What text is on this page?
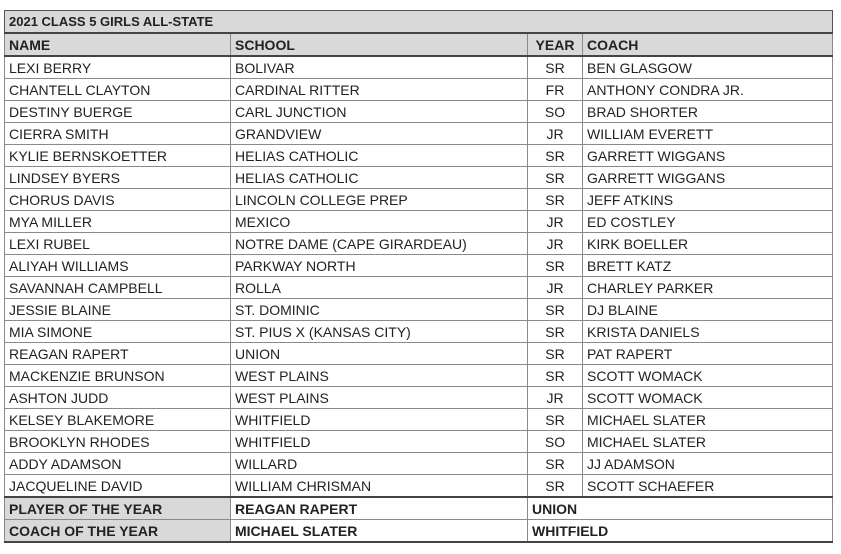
2021 CLASS 5 GIRLS ALL-STATE			
NAME	SCHOOL	YEAR	COACH
LEXI BERRY	BOLIVAR	SR	BEN GLASGOW
CHANTELL CLAYTON	CARDINAL RITTER	FR	ANTHONY CONDRA JR.
DESTINY BUERGE	CARL JUNCTION	SO	BRAD SHORTER
CIERRA SMITH	GRANDVIEW	JR	WILLIAM EVERETT
KYLIE BERNSKOETTER	HELIAS CATHOLIC	SR	GARRETT WIGGANS
LINDSEY BYERS	HELIAS CATHOLIC	SR	GARRETT WIGGANS
CHORUS DAVIS	LINCOLN COLLEGE PREP	SR	JEFF ATKINS
MYA MILLER	MEXICO	JR	ED COSTLEY
LEXI RUBEL	NOTRE DAME (CAPE GIRARDEAU)	JR	KIRK BOELLER
ALIYAH WILLIAMS	PARKWAY NORTH	SR	BRETT KATZ
SAVANNAH CAMPBELL	ROLLA	JR	CHARLEY PARKER
JESSIE BLAINE	ST. DOMINIC	SR	DJ BLAINE
MIA SIMONE	ST. PIUS X (KANSAS CITY)	SR	KRISTA DANIELS
REAGAN RAPERT	UNION	SR	PAT RAPERT
MACKENZIE BRUNSON	WEST PLAINS	SR	SCOTT WOMACK
ASHTON JUDD	WEST PLAINS	JR	SCOTT WOMACK
KELSEY BLAKEMORE	WHITFIELD	SR	MICHAEL SLATER
BROOKLYN RHODES	WHITFIELD	SO	MICHAEL SLATER
ADDY ADAMSON	WILLARD	SR	JJ ADAMSON
JACQUELINE DAVID	WILLIAM CHRISMAN	SR	SCOTT SCHAEFER
PLAYER OF THE YEAR	REAGAN RAPERT	UNION	
COACH OF THE YEAR	MICHAEL SLATER	WHITFIELD	
